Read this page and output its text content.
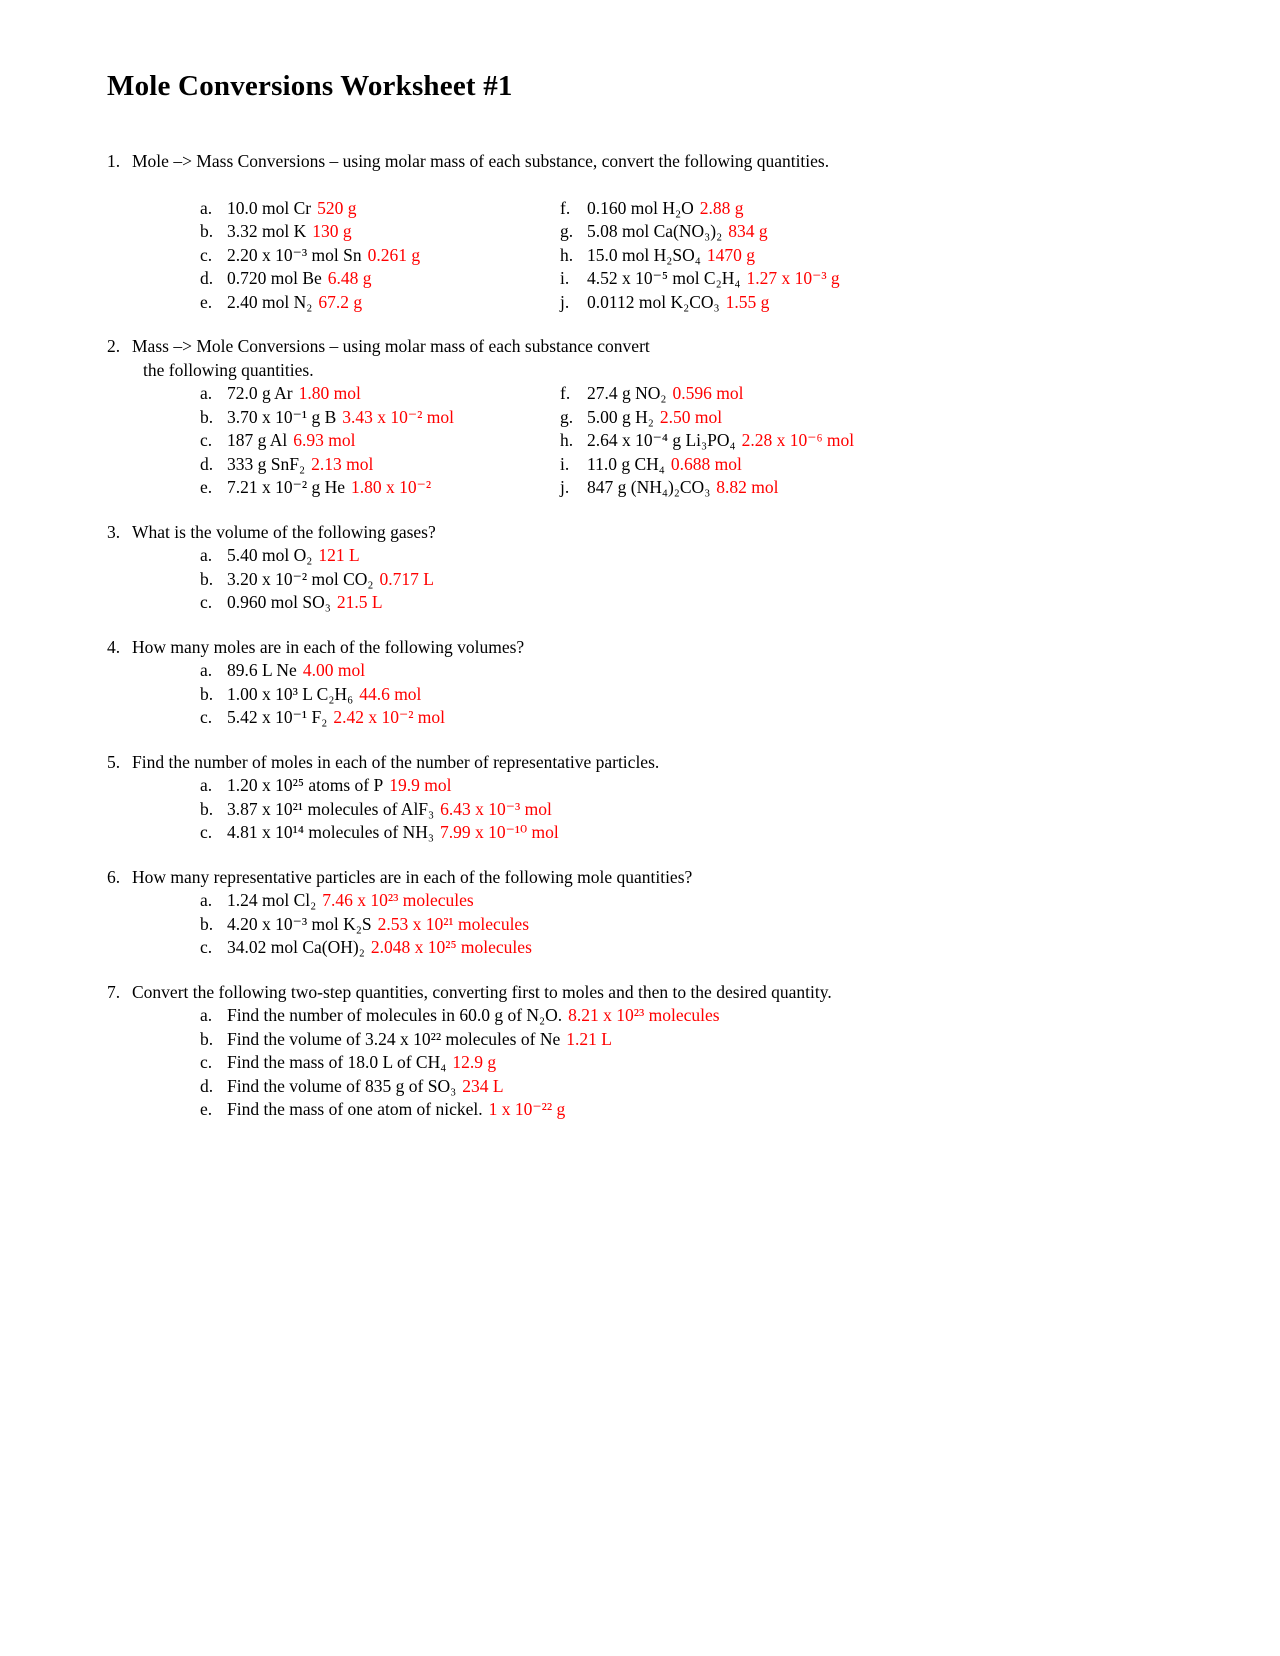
Mole Conversions Worksheet #1
1. Mole –> Mass Conversions – using molar mass of each substance, convert the following quantities.
a. 10.0 mol Cr 520 g
b. 3.32 mol K 130 g
c. 2.20 x 10⁻³ mol Sn 0.261 g
d. 0.720 mol Be 6.48 g
e. 2.40 mol N₂ 67.2 g
f. 0.160 mol H₂O 2.88 g
g. 5.08 mol Ca(NO₃)₂ 834 g
h. 15.0 mol H₂SO₄ 1470 g
i. 4.52 x 10⁻⁵ mol C₂H₄ 1.27 x 10⁻³ g
j. 0.0112 mol K₂CO₃ 1.55 g
2. Mass –> Mole Conversions – using molar mass of each substance convert
the following quantities.
a. 72.0 g Ar 1.80 mol
b. 3.70 x 10⁻¹ g B 3.43 x 10⁻² mol
c. 187 g Al 6.93 mol
d. 333 g SnF₂ 2.13 mol
e. 7.21 x 10⁻² g He 1.80 x 10⁻²
f. 27.4 g NO₂ 0.596 mol
g. 5.00 g H₂ 2.50 mol
h. 2.64 x 10⁻⁴ g Li₃PO₄ 2.28 x 10⁻⁶ mol
i. 11.0 g CH₄ 0.688 mol
j. 847 g (NH₄)₂CO₃ 8.82 mol
3. What is the volume of the following gases?
a. 5.40 mol O₂ 121 L
b. 3.20 x 10⁻² mol CO₂ 0.717 L
c. 0.960 mol SO₃ 21.5 L
4. How many moles are in each of the following volumes?
a. 89.6 L Ne 4.00 mol
b. 1.00 x 10³ L C₂H₆ 44.6 mol
c. 5.42 x 10⁻¹ F₂ 2.42 x 10⁻² mol
5. Find the number of moles in each of the number of representative particles.
a. 1.20 x 10²⁵ atoms of P 19.9 mol
b. 3.87 x 10²¹ molecules of AlF₃ 6.43 x 10⁻³ mol
c. 4.81 x 10¹⁴ molecules of NH₃ 7.99 x 10⁻¹⁰ mol
6. How many representative particles are in each of the following mole quantities?
a. 1.24 mol Cl₂ 7.46 x 10²³ molecules
b. 4.20 x 10⁻³ mol K₂S 2.53 x 10²¹ molecules
c. 34.02 mol Ca(OH)₂ 2.048 x 10²⁵ molecules
7. Convert the following two-step quantities, converting first to moles and then to the desired quantity.
a. Find the number of molecules in 60.0 g of N₂O. 8.21 x 10²³ molecules
b. Find the volume of 3.24 x 10²² molecules of Ne 1.21 L
c. Find the mass of 18.0 L of CH₄ 12.9 g
d. Find the volume of 835 g of SO₃ 234 L
e. Find the mass of one atom of nickel. 1 x 10⁻²² g
